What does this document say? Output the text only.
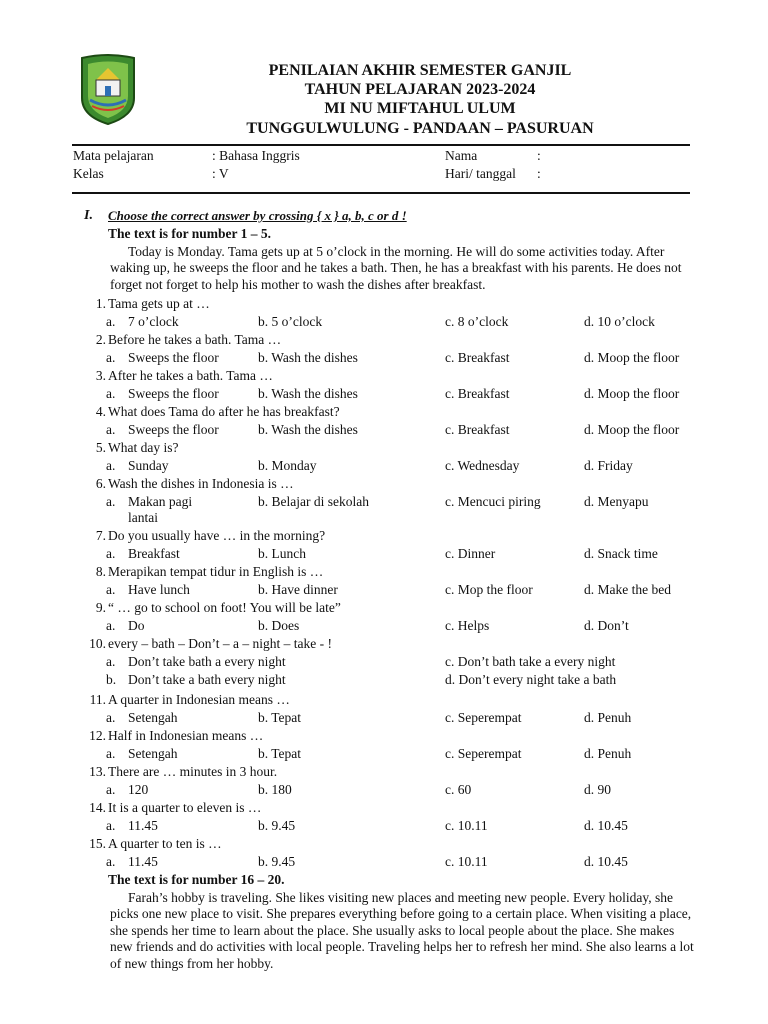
PENILAIAN AKHIR SEMESTER GANJIL
TAHUN PELAJARAN 2023-2024
MI NU MIFTAHUL ULUM
TUNGGULWULUNG - PANDAAN – PASURUAN
Mata pelajaran	: Bahasa Inggris	Nama	:
Kelas	: V	Hari/ tanggal :
I. Choose the correct answer by crossing { x } a, b, c or d !
The text is for number 1 – 5.

Today is Monday. Tama gets up at 5 o’clock in the morning. He will do some activities today. After waking up, he sweeps the floor and he takes a bath. Then, he has a breakfast with his parents. He does not forget not forget to help his mother to wash the dishes after breakfast.

1. Tama gets up at …
a. 7 o’clock	b. 5 o’clock	c. 8 o’clock	d. 10 o’clock
2. Before he takes a bath. Tama …
a. Sweeps the floor	b. Wash the dishes	c. Breakfast	d. Moop the floor
3. After he takes a bath. Tama …
a. Sweeps the floor	b. Wash the dishes	c. Breakfast	d. Moop the floor
4. What does Tama do after he has breakfast?
a. Sweeps the floor	b. Wash the dishes	c. Breakfast	d. Moop the floor
5. What day is?
a. Sunday	b. Monday	c. Wednesday	d. Friday
6. Wash the dishes in Indonesia is …
a. Makan pagi
lantai
b. Belajar di sekolah	c. Mencuci piring	d. Menyapu
7. Do you usually have … in the morning?
a. Breakfast	b. Lunch	c. Dinner	d. Snack time
8. Merapikan tempat tidur in English is …
a. Have lunch	b. Have dinner	c. Mop the floor	d. Make the bed
9. “ … go to school on foot! You will be late”
a. Do	b. Does	c. Helps	d. Don’t
10. every – bath – Don’t – a – night – take - !
a. Don’t take bath a every night	c. Don’t bath take a every night
b. Don’t take a bath every night	d. Don’t every night take a bath
11. A quarter in Indonesian means …
a. Setengah	b. Tepat	c. Seperempat	d. Penuh
12. Half in Indonesian means …
a. Setengah	b. Tepat	c. Seperempat	d. Penuh
13. There are … minutes in 3 hour.
a. 120	b. 180	c. 60	d. 90
14. It is a quarter to eleven is …
a. 11.45	b. 9.45	c. 10.11	d. 10.45
15. A quarter to ten is …
a. 11.45	b. 9.45	c. 10.11	d. 10.45
The text is for number 16 – 20.

Farah’s hobby is traveling. She likes visiting new places and meeting new people. Every holiday, she picks one new place to visit. She prepares everything before going to a certain place. When visiting a place, she spends her time to learn about the place. She usually asks to local people about the place. She makes new friends and do activities with local people. Traveling helps her to refresh her mind. She also learns a lot of new things from her hobby.
